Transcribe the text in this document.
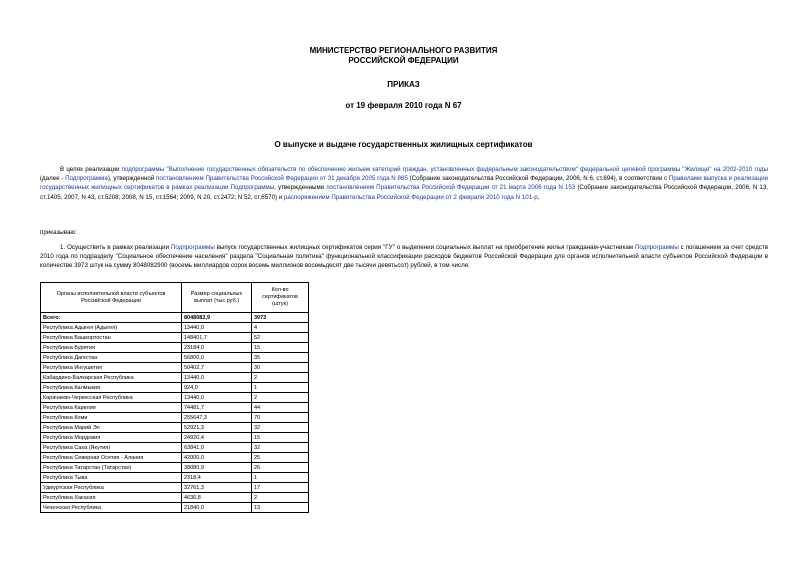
МИНИСТЕРСТВО РЕГИОНАЛЬНОГО РАЗВИТИЯ
РОССИЙСКОЙ ФЕДЕРАЦИИ
ПРИКАЗ
от 19 февраля 2010 года N 67
О выпуске и выдаче государственных жилищных сертификатов
В целях реализации подпрограммы "Выполнение государственных обязательств по обеспечению жильем категорий граждан, установленных федеральным законодательством" федеральной целевой программы "Жилище" на 2002-2010 годы (далее - Подпрограмма), утвержденной постановлением Правительства Российской Федерации от 31 декабря 2005 года N 865 (Собрание законодательства Российской Федерации, 2006, N 6, ст.694), в соответствии с Правилами выпуска и реализации государственных жилищных сертификатов в рамках реализации Подпрограммы, утвержденными постановлением Правительства Российской Федерации от 21 марта 2006 года N 153 (Собрание законодательства Российской Федерации, 2006, N 13, ст.1405; 2007, N 43, ст.5208; 2008, N 15, ст.1564; 2009, N 20, ст.2472; N 52, ст.6570) и распоряжением Правительства Российской Федерации от 2 февраля 2010 года N 101-р,
приказываю:
1. Осуществить в рамках реализации Подпрограммы выпуск государственных жилищных сертификатов серии "ГУ" о выделении социальных выплат на приобретение жилья гражданам-участникам Подпрограммы с погашением за счет средств 2010 года по подразделу "Социальное обеспечение населения" раздела "Социальная политика" функциональной классификации расходов бюджетов Российской Федерации для органов исполнительной власти субъектов Российской Федерации в количестве 3973 штук на сумму 8048082900 (восемь миллиардов сорок восемь миллионов восемьдесят две тысячи девятьсот) рублей, в том числе:
Органы исполнительной власти субъектов Российской Федерации	Размер социальных выплат (тыс.руб.)	Кол-во сертификатов (штук)
Всего:	8048082,9	3973
Республика Адыгея (Адыгея)	13440,0	4
Республика Башкортостан	148401,7	52
Республика Бурятия	23184,0	15
Республика Дагестан	56800,0	35
Республика Ингушетия	50402,7	30
Кабардино-Балкарская Республика	13440,0	2
Республика Калмыкия	924,0	1
Карачаево-Черкесская Республика	13440,0	2
Республика Карелия	74481,7	44
Республика Коми	255647,3	70
Республика Марий Эл	52921,3	32
Республика Мордовия	24920,4	15
Республика Саха (Якутия)	63841,0	32
Республика Северная Осетия - Алания	42000,0	25
Республика Татарстан (Татарстан)	38080,9	26
Республика Тыва	2318,4	1
Удмуртская Республика	32761,3	17
Республика Хакасия	4636,8	2
Чеченская Республика	21840,0	13
